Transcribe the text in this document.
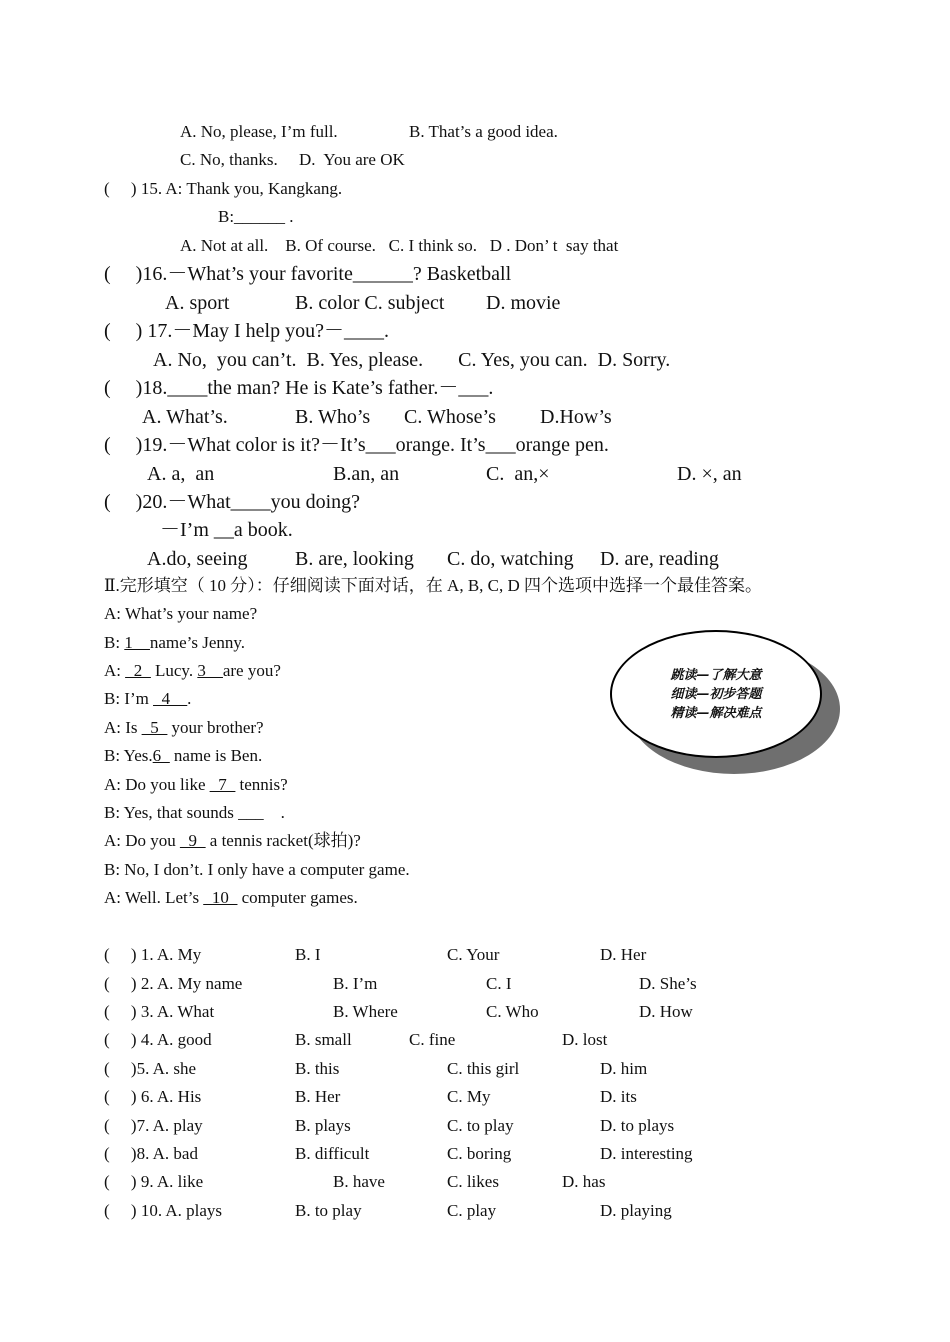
A. No, please, I’m full.	B. That’s a good idea.
C. No, thanks.     D.  You are OK
(     ) 15. A: Thank you, Kangkang.
B:______ .
A. Not at all.    B. Of course.   C. I think so.   D . Don’ t  say that
(     )16.－What’s your favorite______? Basketball
A. sport	B. color C. subject D. movie
(     ) 17.－May I help you?－____.
A. No,  you can’t.  B. Yes, please.       C. Yes, you can.  D. Sorry.
(     )18.____the man? He is Kate’s father.－___.
A. What’s.	B. Who’s C. Whose’s D.How’s
(     )19.－What color is it?－It’s___orange. It’s___orange pen.
A. a,  an	B.an, an	C.  an,×	D. ×, an
(     )20.－What____you doing?
－I’m __a book.
A.do, seeing B. are, looking C. do, watching D. are, reading
Ⅱ.完形填空（ 10 分）：仔细阅读下面对话，在 A, B, C, D 四个选项中选择一个最佳答案。
A: What’s your name?
B: 1__name’s Jenny.
A: _2_ Lucy. 3__are you?
B: I’m _4__.
A: Is _5_ your brother?
B: Yes.6_ name is Ben.
A: Do you like _7_ tennis?
B: Yes, that sounds ___    .
A: Do you _9_ a tennis racket(球拍)?
B: No, I don’t. I only have a computer game.
A: Well. Let’s _10_ computer games.
跳读—了解大意
细读—初步答题
精读—解决难点
(     ) 1. A. My	B. I	C. Your	D. Her
(     ) 2. A. My name	B. I’m	C. I	D. She’s
(     ) 3. A. What	B. Where	C. Who	D. How
(     ) 4. A. good	B. small	C. fine	D. lost
(     )5. A. she	B. this	C. this girl	D. him
(     ) 6. A. His	B. Her	C. My	D. its
(     )7. A. play	B. plays	C. to play	D. to plays
(     )8. A. bad	B. difficult	C. boring	D. interesting
(     ) 9. A. like	B. have	C. likes	D. has
(     ) 10. A. plays	B. to play	C. play	D. playing
